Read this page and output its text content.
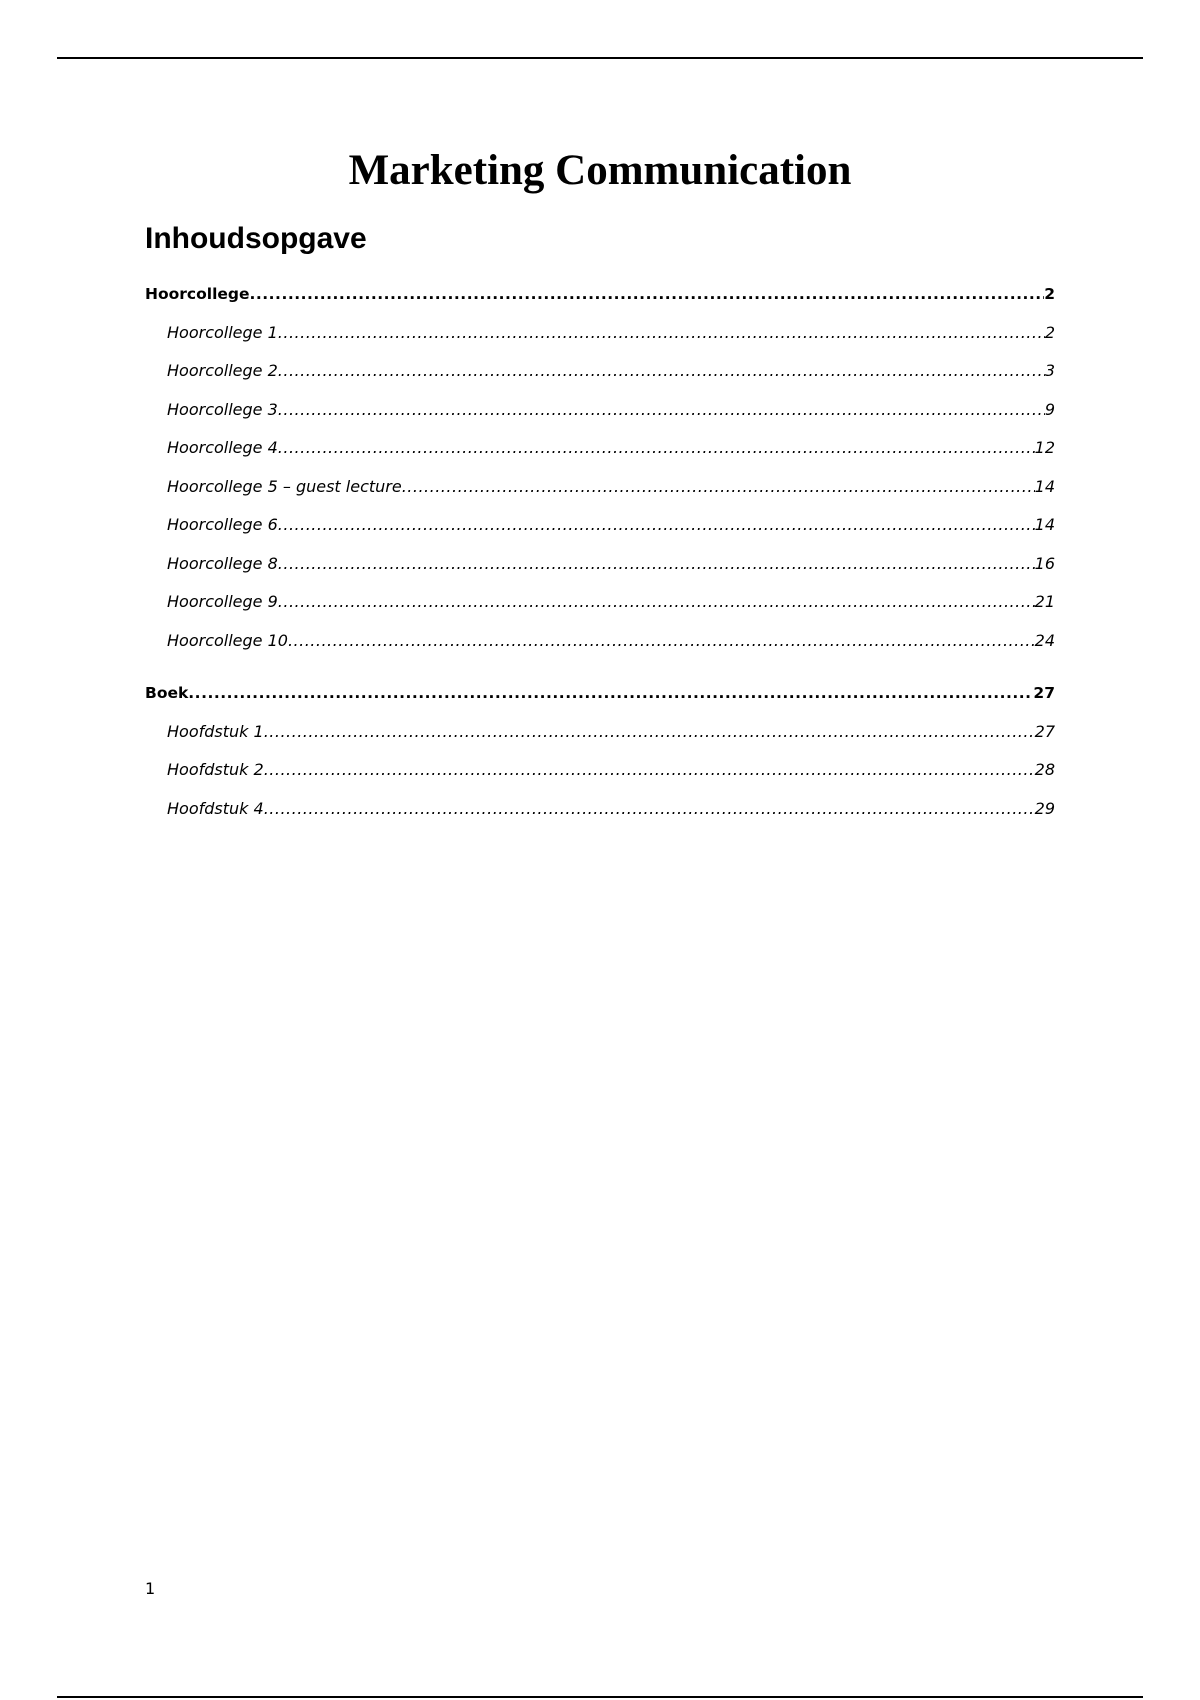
Marketing Communication
Inhoudsopgave
Hoorcollege .....	2
Hoorcollege 1 .....	2
Hoorcollege 2 .....	3
Hoorcollege 3 .....	9
Hoorcollege 4 .....	12
Hoorcollege 5 – guest lecture .....	14
Hoorcollege 6 .....	14
Hoorcollege 8 .....	16
Hoorcollege 9 .....	21
Hoorcollege 10 .....	24
Boek .....	27
Hoofdstuk 1 .....	27
Hoofdstuk 2 .....	28
Hoofdstuk 4 .....	29
1
